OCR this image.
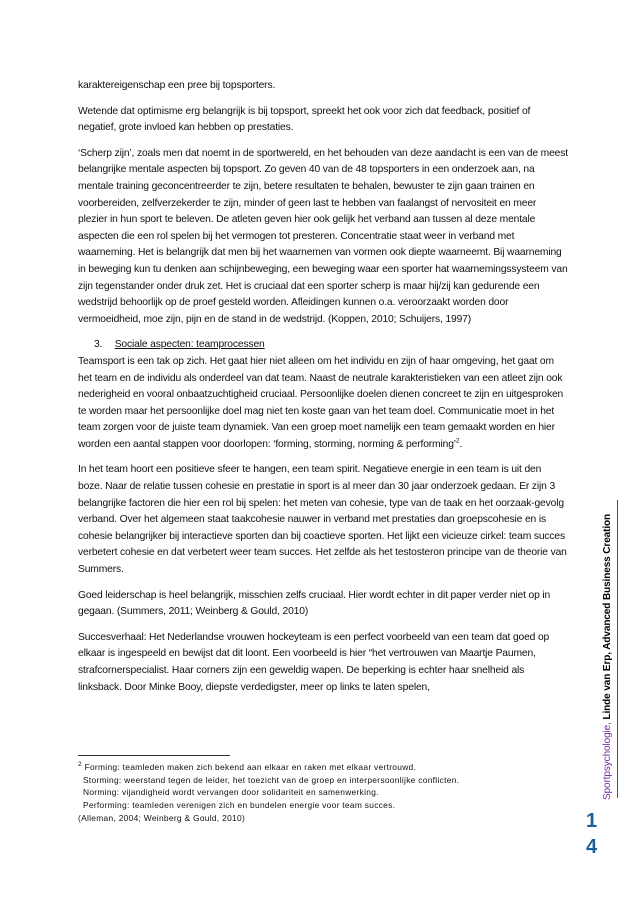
karaktereigenschap een pree bij topsporters.

Wetende dat optimisme erg belangrijk is bij topsport, spreekt het ook voor zich dat feedback, positief of negatief, grote invloed kan hebben op prestaties.

‘Scherp zijn’, zoals men dat noemt in de sportwereld, en het behouden van deze aandacht is een van de meest belangrijke mentale aspecten bij topsport. Zo geven 40 van de 48 topsporters in een onderzoek aan, na mentale training geconcentreerder te zijn, betere resultaten te behalen, bewuster te zijn gaan trainen en voorbereiden, zelfverzekerder te zijn, minder of geen last te hebben van faalangst of nervositeit en meer plezier in hun sport te beleven. De atleten geven hier ook gelijk het verband aan tussen al deze mentale aspecten die een rol spelen bij het vermogen tot presteren. Concentratie staat weer in verband met waarneming. Het is belangrijk dat men bij het waarnemen van vormen ook diepte waarneemt. Bij waarneming in beweging kun tu denken aan schijnbeweging, een beweging waar een sporter hat waarnemingssysteem van zijn tegenstander onder druk zet. Het is cruciaal dat een sporter scherp is maar hij/zij kan gedurende een wedstrijd behoorlijk op de proef gesteld worden. Afleidingen kunnen o.a. veroorzaakt worden door vermoeidheid, moe zijn, pijn en de stand in de wedstrijd. (Koppen, 2010; Schuijers, 1997)

3. Sociale aspecten: teamprocessen

Teamsport is een tak op zich. Het gaat hier niet alleen om het individu en zijn of haar omgeving, het gaat om het team en de individu als onderdeel van dat team. Naast de neutrale karakteristieken van een atleet zijn ook nederigheid en vooral onbaatzuchtigheid cruciaal. Persoonlijke doelen dienen concreet te zijn en uitgesproken te worden maar het persoonlijke doel mag niet ten koste gaan van het team doel. Communicatie moet in het team zorgen voor de juiste team dynamiek. Van een groep moet namelijk een team gemaakt worden en hier worden een aantal stappen voor doorlopen: ‘forming, storming, norming & performing’$^2$.

In het team hoort een positieve sfeer te hangen, een team spirit. Negatieve energie in een team is uit den boze. Naar de relatie tussen cohesie en prestatie in sport is al meer dan 30 jaar onderzoek gedaan. Er zijn 3 belangrijke factoren die hier een rol bij spelen: het meten van cohesie, type van de taak en het oorzaak-gevolg verband. Over het algemeen staat taakcohesie nauwer in verband met prestaties dan groepscohesie en is cohesie belangrijker bij interactieve sporten dan bij coactieve sporten. Het lijkt een vicieuze cirkel: team succes verbetert cohesie en dat verbetert weer team succes. Het zelfde als het testosteron principe van de theorie van Summers.

Goed leiderschap is heel belangrijk, misschien zelfs cruciaal. Hier wordt echter in dit paper verder niet op in gegaan. (Summers, 2011; Weinberg & Gould, 2010)

Succesverhaal: Het Nederlandse vrouwen hockeyteam is een perfect voorbeeld van een team dat goed op elkaar is ingespeeld en bewijst dat dit loont. Een voorbeeld is hier “het vertrouwen van Maartje Paumen, strafcornerspecialist. Haar corners zijn een geweldig wapen. De beperking is echter haar snelheid als linksback. Door Minke Booy, diepste verdedigster, meer op links te laten spelen,

$^2$ Forming: teamleden maken zich bekend aan elkaar en raken met elkaar vertrouwd.
Storming: weerstand tegen de leider, het toezicht van de groep en interpersoonlijke conflicten.
Norming: vijandigheid wordt vervangen door solidariteit en samenwerking.
Performing: teamleden verenigen zich en bundelen energie voor team succes.
(Alleman, 2004; Weinberg & Gould, 2010)
Sportpsychologie, Linde van Erp, Advanced Business Creation
1
4
